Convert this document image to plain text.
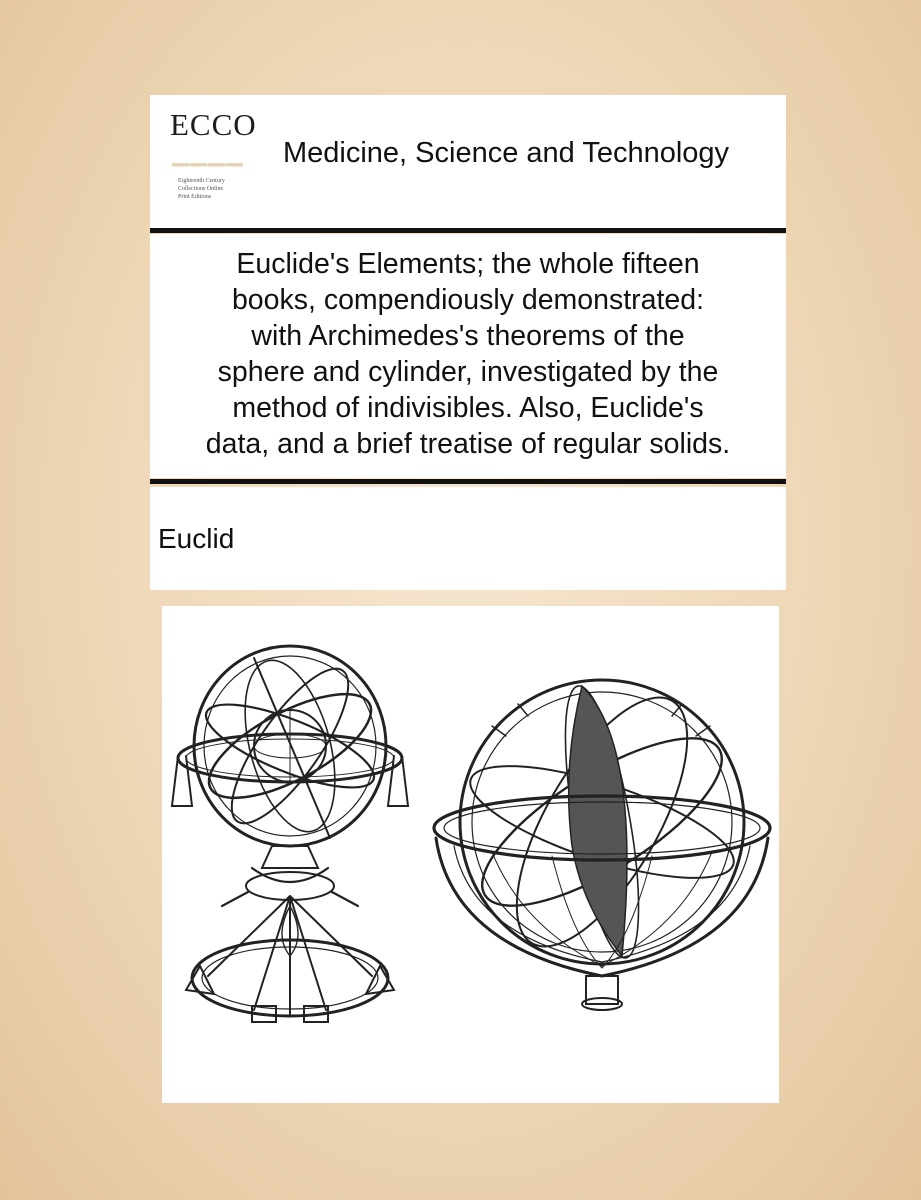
ECCO
▁▁▁▁
Eighteenth Century
Collections Online
Print Editions
Medicine, Science and Technology
Euclide's Elements; the whole fifteen
books, compendiously demonstrated:
with Archimedes's theorems of the
sphere and cylinder, investigated by the
method of indivisibles. Also, Euclide's
data, and a brief treatise of regular solids.
Euclid
